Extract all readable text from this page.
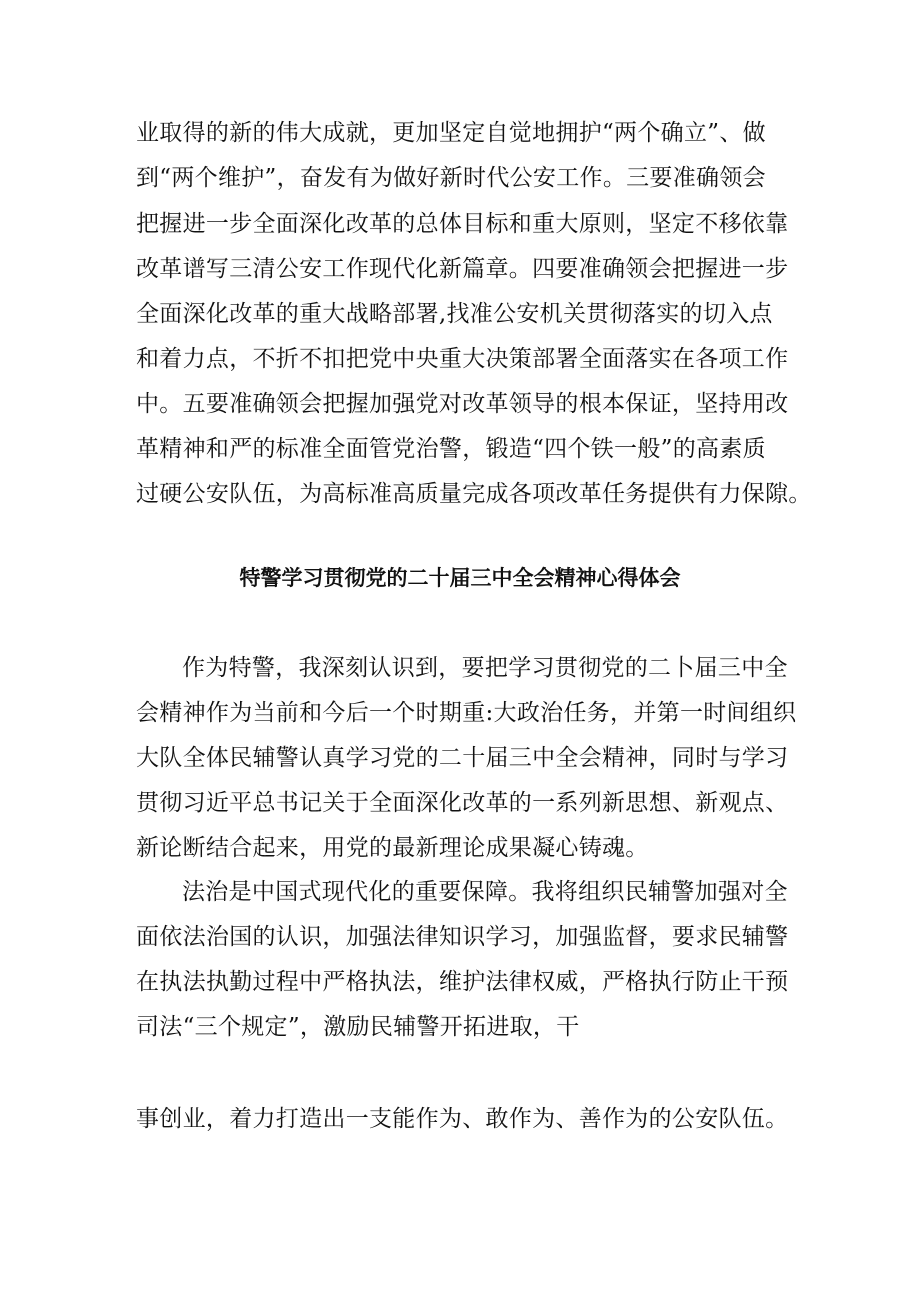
业取得的新的伟大成就，更加坚定自觉地拥护“两个确立”、做
到“两个维护”，奋发有为做好新时代公安工作。三要准确领会
把握进一步全面深化改革的总体目标和重大原则，坚定不移依靠
改革谱写三清公安工作现代化新篇章。四要准确领会把握进一步
全面深化改革的重大战略部署,找准公安机关贯彻落实的切入点
和着力点，不折不扣把党中央重大决策部署全面落实在各项工作
中。五要准确领会把握加强党对改革领导的根本保证，坚持用改
革精神和严的标准全面管党治警，锻造“四个铁一般”的高素质
过硬公安队伍，为高标准高质量完成各项改革任务提供有力保隙。
特警学习贯彻党的二十届三中全会精神心得体会
作为特警，我深刻认识到，要把学习贯彻党的二卜届三中全
会精神作为当前和今后一个时期重:大政治任务，并第一时间组织
大队全体民辅警认真学习党的二十届三中全会精神，同时与学习
贯彻习近平总书记关于全面深化改革的一系列新思想、新观点、
新论断结合起来，用党的最新理论成果凝心铸魂。
法治是中国式现代化的重要保障。我将组织民辅警加强对全
面依法治国的认识，加强法律知识学习，加强监督，要求民辅警
在执法执勤过程中严格执法，维护法律权威，严格执行防止干预
司法“三个规定”，激励民辅警开拓进取，干
事创业，着力打造出一支能作为、敢作为、善作为的公安队伍。
